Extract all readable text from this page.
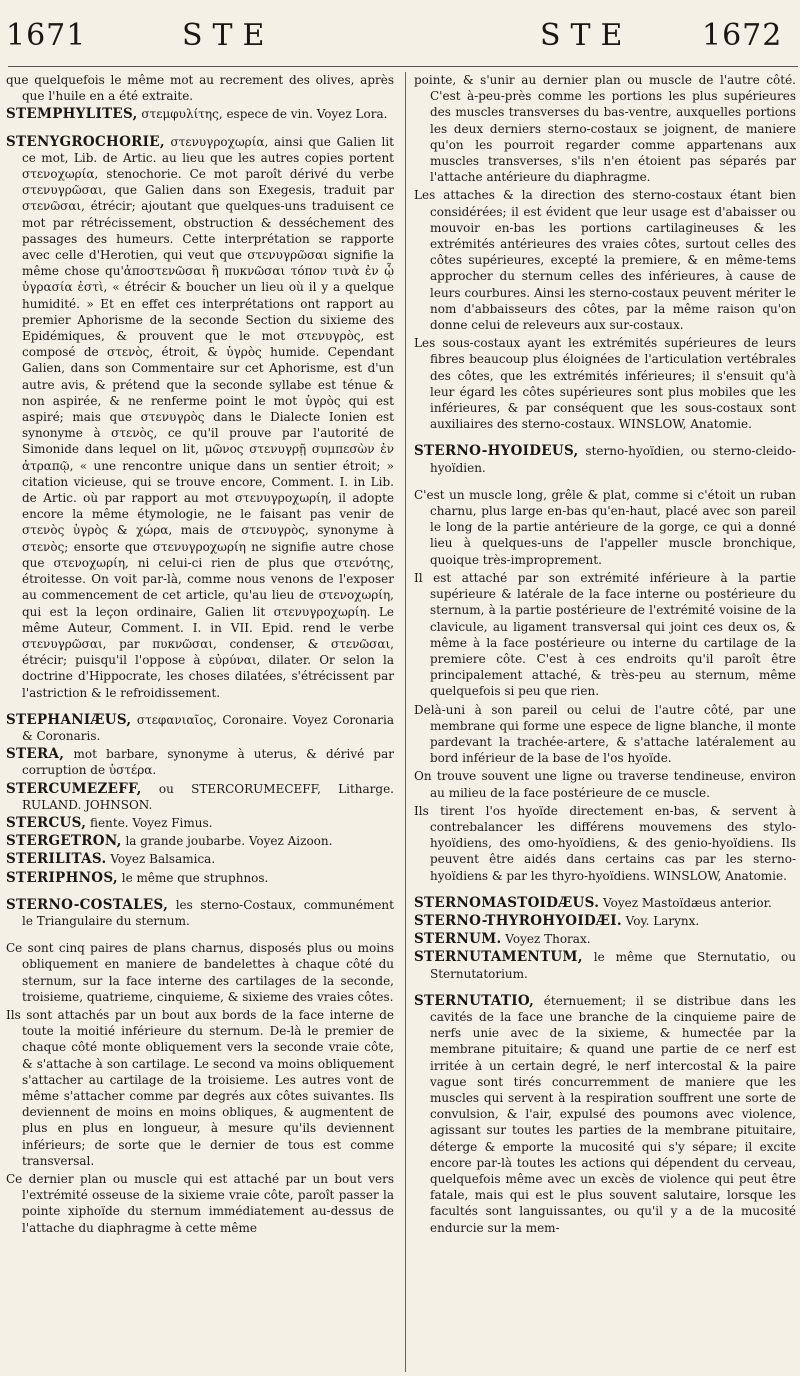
1671	STE	STE 1672

que quelquefois le même mot au recrement des olives, après que l'huile en a été extraite.

STEMPHYLITES, στεμφυλίτης, espece de vin. Voyez Lora.

STENYGROCHORIE, στενυγροχωρία, ainsi que Galien lit ce mot, Lib. de Artic. au lieu que les autres copies portent στενοχωρία, stenochorie. Ce mot paroît dérivé du verbe στενυγρῶσαι, que Galien dans son Exegesis, traduit par στενῶσαι, étrécir; ajoutant que quelques-uns traduisent ce mot par rétrécissement, obstruction & desséchement des passages des humeurs. Cette interprétation se rapporte avec celle d'Herotien, qui veut que στενυγρῶσαι signifie la même chose qu'ἀποστενῶσαι ἢ πυκνῶσαι τόπον τινὰ ἐν ᾧ ὑγρασία ἐστὶ, « étrécir & boucher un lieu où il y a quelque humidité. » Et en effet ces interprétations ont rapport au premier Aphorisme de la seconde Section du sixieme des Epidémiques, & prouvent que le mot στενυγρὸς, est composé de στενὸς, étroit, & ὑγρὸς humide. Cependant Galien, dans son Commentaire sur cet Aphorisme, est d'un autre avis, & prétend que la seconde syllabe est ténue & non aspirée, & ne renferme point le mot ὑγρὸς qui est aspiré; mais que στενυγρὸς dans le Dialecte Ionien est synonyme à στενὸς, ce qu'il prouve par l'autorité de Simonide dans lequel on lit, μῶνος στενυγρῇ συμπεσὼν ἐν ἀτραπῷ, « une rencontre unique dans un sentier étroit; » citation vicieuse, qui se trouve encore, Comment. I. in Lib. de Artic. où par rapport au mot στενυγροχωρίη, il adopte encore la même étymologie, ne le faisant pas venir de στενὸς ὑγρὸς & χώρα, mais de στενυγρὸς, synonyme à στενὸς; ensorte que στενυγροχωρίη ne signifie autre chose que στενοχωρίη, ni celui-ci rien de plus que στενότης, étroitesse. On voit par-là, comme nous venons de l'exposer au commencement de cet article, qu'au lieu de στενοχωρίη, qui est la leçon ordinaire, Galien lit στενυγροχωρίη. Le même Auteur, Comment. I. in VII. Epid. rend le verbe στενυγρῶσαι, par πυκνῶσαι, condenser, & στενῶσαι, étrécir; puisqu'il l'oppose à εὐρύναι, dilater. Or selon la doctrine d'Hippocrate, les choses dilatées, s'étrécissent par l'astriction & le refroidissement.

STEPHANIÆUS, στεφανιαῖος, Coronaire. Voyez Coronaria & Coronaris.

STERA, mot barbare, synonyme à uterus, & dérivé par corruption de ὑστέρα.

STERCUMEZEFF, ou STERCORUMECEFF, Litharge. RULAND. JOHNSON.

STERCUS, fiente. Voyez Fimus.

STERGETRON, la grande joubarbe. Voyez Aizoon.

STERILITAS. Voyez Balsamica.

STERIPHNOS, le même que struphnos.

STERNO-COSTALES, les sterno-Costaux, communément le Triangulaire du sternum.

Ce sont cinq paires de plans charnus, disposés plus ou moins obliquement en maniere de bandelettes à chaque côté du sternum, sur la face interne des cartilages de la seconde, troisieme, quatrieme, cinquieme, & sixieme des vraies côtes.

Ils sont attachés par un bout aux bords de la face interne de toute la moitié inférieure du sternum. De-là le premier de chaque côté monte obliquement vers la seconde vraie côte, & s'attache à son cartilage. Le second va moins obliquement s'attacher au cartilage de la troisieme. Les autres vont de même s'attacher comme par degrés aux côtes suivantes. Ils deviennent de moins en moins obliques, & augmentent de plus en plus en longueur, à mesure qu'ils deviennent inférieurs; de sorte que le dernier de tous est comme transversal.

Ce dernier plan ou muscle qui est attaché par un bout vers l'extrémité osseuse de la sixieme vraie côte, paroît passer la pointe xiphoïde du sternum immédiatement au-dessus de l'attache du diaphragme à cette même

pointe, & s'unir au dernier plan ou muscle de l'autre côté. C'est à-peu-près comme les portions les plus supérieures des muscles transverses du bas-ventre, auxquelles portions les deux derniers sterno-costaux se joignent, de maniere qu'on les pourroit regarder comme appartenans aux muscles transverses, s'ils n'en étoient pas séparés par l'attache antérieure du diaphragme.

Les attaches & la direction des sterno-costaux étant bien considérées; il est évident que leur usage est d'abaisser ou mouvoir en-bas les portions cartilagineuses & les extrémités antérieures des vraies côtes, surtout celles des côtes supérieures, excepté la premiere, & en même-tems approcher du sternum celles des inférieures, à cause de leurs courbures. Ainsi les sterno-costaux peuvent mériter le nom d'abbaisseurs des côtes, par la même raison qu'on donne celui de releveurs aux sur-costaux.

Les sous-costaux ayant les extrémités supérieures de leurs fibres beaucoup plus éloignées de l'articulation vertébrales des côtes, que les extrémités inférieures; il s'ensuit qu'à leur égard les côtes supérieures sont plus mobiles que les inférieures, & par conséquent que les sous-costaux sont auxiliaires des sterno-costaux. WINSLOW, Anatomie.

STERNO-HYOIDEUS, sterno-hyoïdien, ou sterno-cleido-hyoïdien.

C'est un muscle long, grêle & plat, comme si c'étoit un ruban charnu, plus large en-bas qu'en-haut, placé avec son pareil le long de la partie antérieure de la gorge, ce qui a donné lieu à quelques-uns de l'appeller muscle bronchique, quoique très-improprement.

Il est attaché par son extrémité inférieure à la partie supérieure & latérale de la face interne ou postérieure du sternum, à la partie postérieure de l'extrémité voisine de la clavicule, au ligament transversal qui joint ces deux os, & même à la face postérieure ou interne du cartilage de la premiere côte. C'est à ces endroits qu'il paroît être principalement attaché, & très-peu au sternum, même quelquefois si peu que rien.

Delà-uni à son pareil ou celui de l'autre côté, par une membrane qui forme une espece de ligne blanche, il monte pardevant la trachée-artere, & s'attache latéralement au bord inférieur de la base de l'os hyoïde.

On trouve souvent une ligne ou traverse tendineuse, environ au milieu de la face postérieure de ce muscle.

Ils tirent l'os hyoïde directement en-bas, & servent à contrebalancer les différens mouvemens des stylo-hyoïdiens, des omo-hyoïdiens, & des genio-hyoïdiens. Ils peuvent être aidés dans certains cas par les sterno-hyoïdiens & par les thyro-hyoïdiens. WINSLOW, Anatomie.

STERNOMASTOIDÆUS. Voyez Mastoïdæus anterior.

STERNO-THYROHYOIDÆI. Voy. Larynx.

STERNUM. Voyez Thorax.

STERNUTAMENTUM, le même que Sternutatio, ou Sternutatorium.

STERNUTATIO, éternuement; il se distribue dans les cavités de la face une branche de la cinquieme paire de nerfs unie avec de la sixieme, & humectée par la membrane pituitaire; & quand une partie de ce nerf est irritée à un certain degré, le nerf intercostal & la paire vague sont tirés concurremment de maniere que les muscles qui servent à la respiration souffrent une sorte de convulsion, & l'air, expulsé des poumons avec violence, agissant sur toutes les parties de la membrane pituitaire, déterge & emporte la mucosité qui s'y sépare; il excite encore par-là toutes les actions qui dépendent du cerveau, quelquefois même avec un excès de violence qui peut être fatale, mais qui est le plus souvent salutaire, lorsque les facultés sont languissantes, ou qu'il y a de la mucosité endurcie sur la mem-
